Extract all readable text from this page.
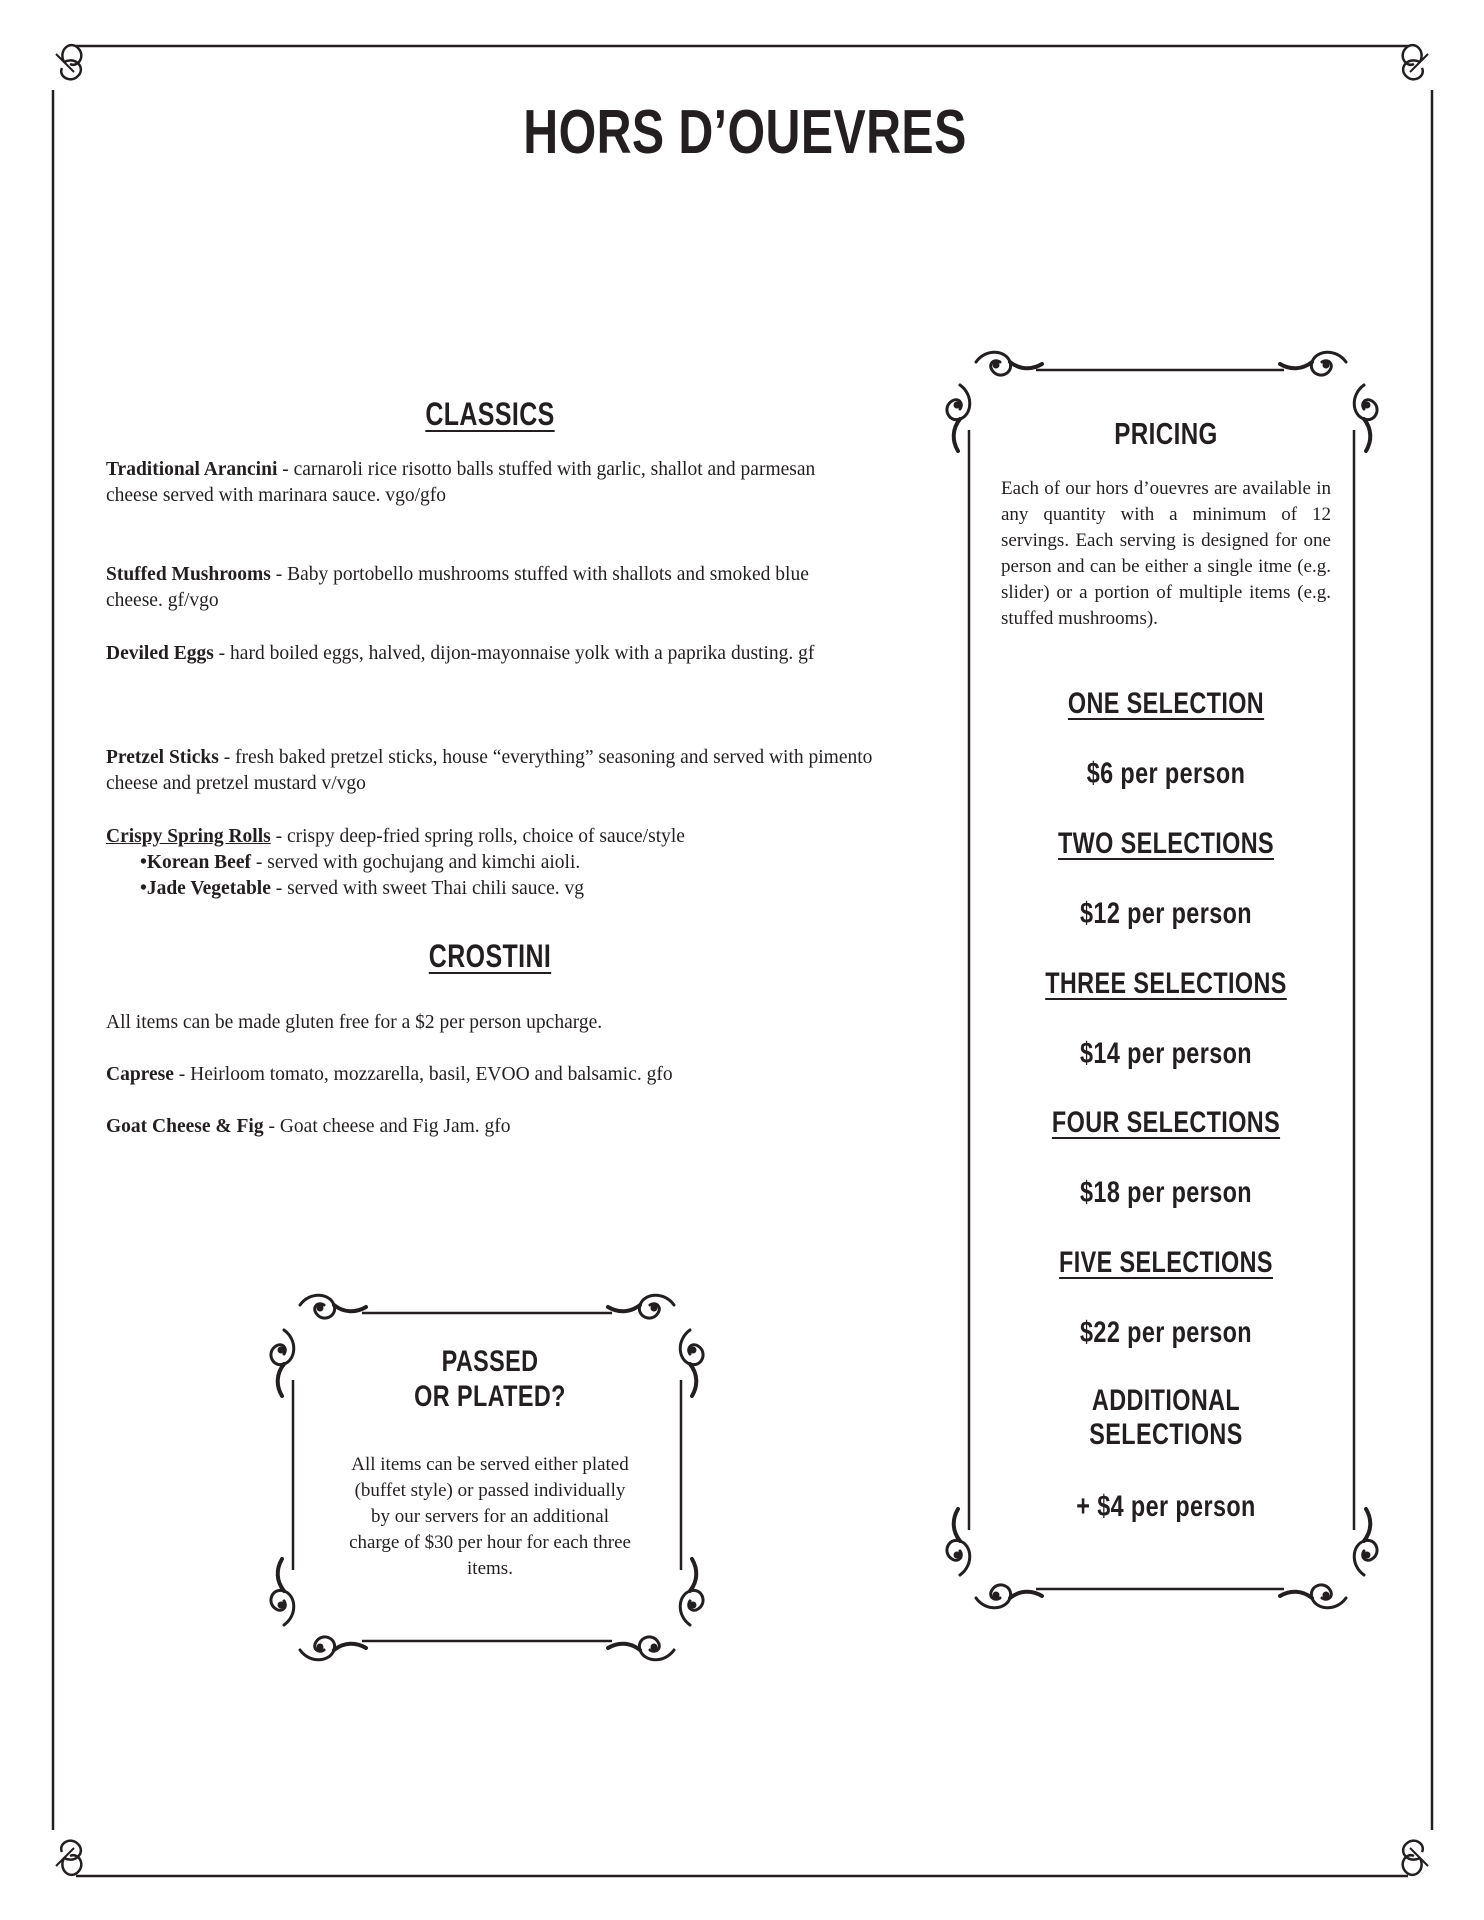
HORS D’OUEVRES
CLASSICS
Traditional Arancini - carnaroli rice risotto balls stuffed with garlic, shallot and parmesan cheese served with marinara sauce. vgo/gfo
Stuffed Mushrooms - Baby portobello mushrooms stuffed with shallots and smoked blue cheese. gf/vgo
Deviled Eggs - hard boiled eggs, halved, dijon-mayonnaise yolk with a paprika dusting. gf
Pretzel Sticks - fresh baked pretzel sticks, house “everything” seasoning and served with pimento cheese and pretzel mustard v/vgo
Crispy Spring Rolls - crispy deep-fried spring rolls, choice of sauce/style
•Korean Beef - served with gochujang and kimchi aioli.
•Jade Vegetable - served with sweet Thai chili sauce. vg
CROSTINI
All items can be made gluten free for a $2 per person upcharge.
Caprese - Heirloom tomato, mozzarella, basil, EVOO and balsamic. gfo
Goat Cheese & Fig - Goat cheese and Fig Jam. gfo
PASSED
OR PLATED?
All items can be served either plated (buffet style) or passed individually by our servers for an additional charge of $30 per hour for each three items.
PRICING
Each of our hors d’ouevres are available in any quantity with a minimum of 12 servings. Each serving is designed for one person and can be either a single itme (e.g. slider) or a portion of multiple items (e.g. stuffed mushrooms).
ONE SELECTION
$6 per person
TWO SELECTIONS
$12 per person
THREE SELECTIONS
$14 per person
FOUR SELECTIONS
$18 per person
FIVE SELECTIONS
$22 per person
ADDITIONAL
SELECTIONS
+ $4 per person
